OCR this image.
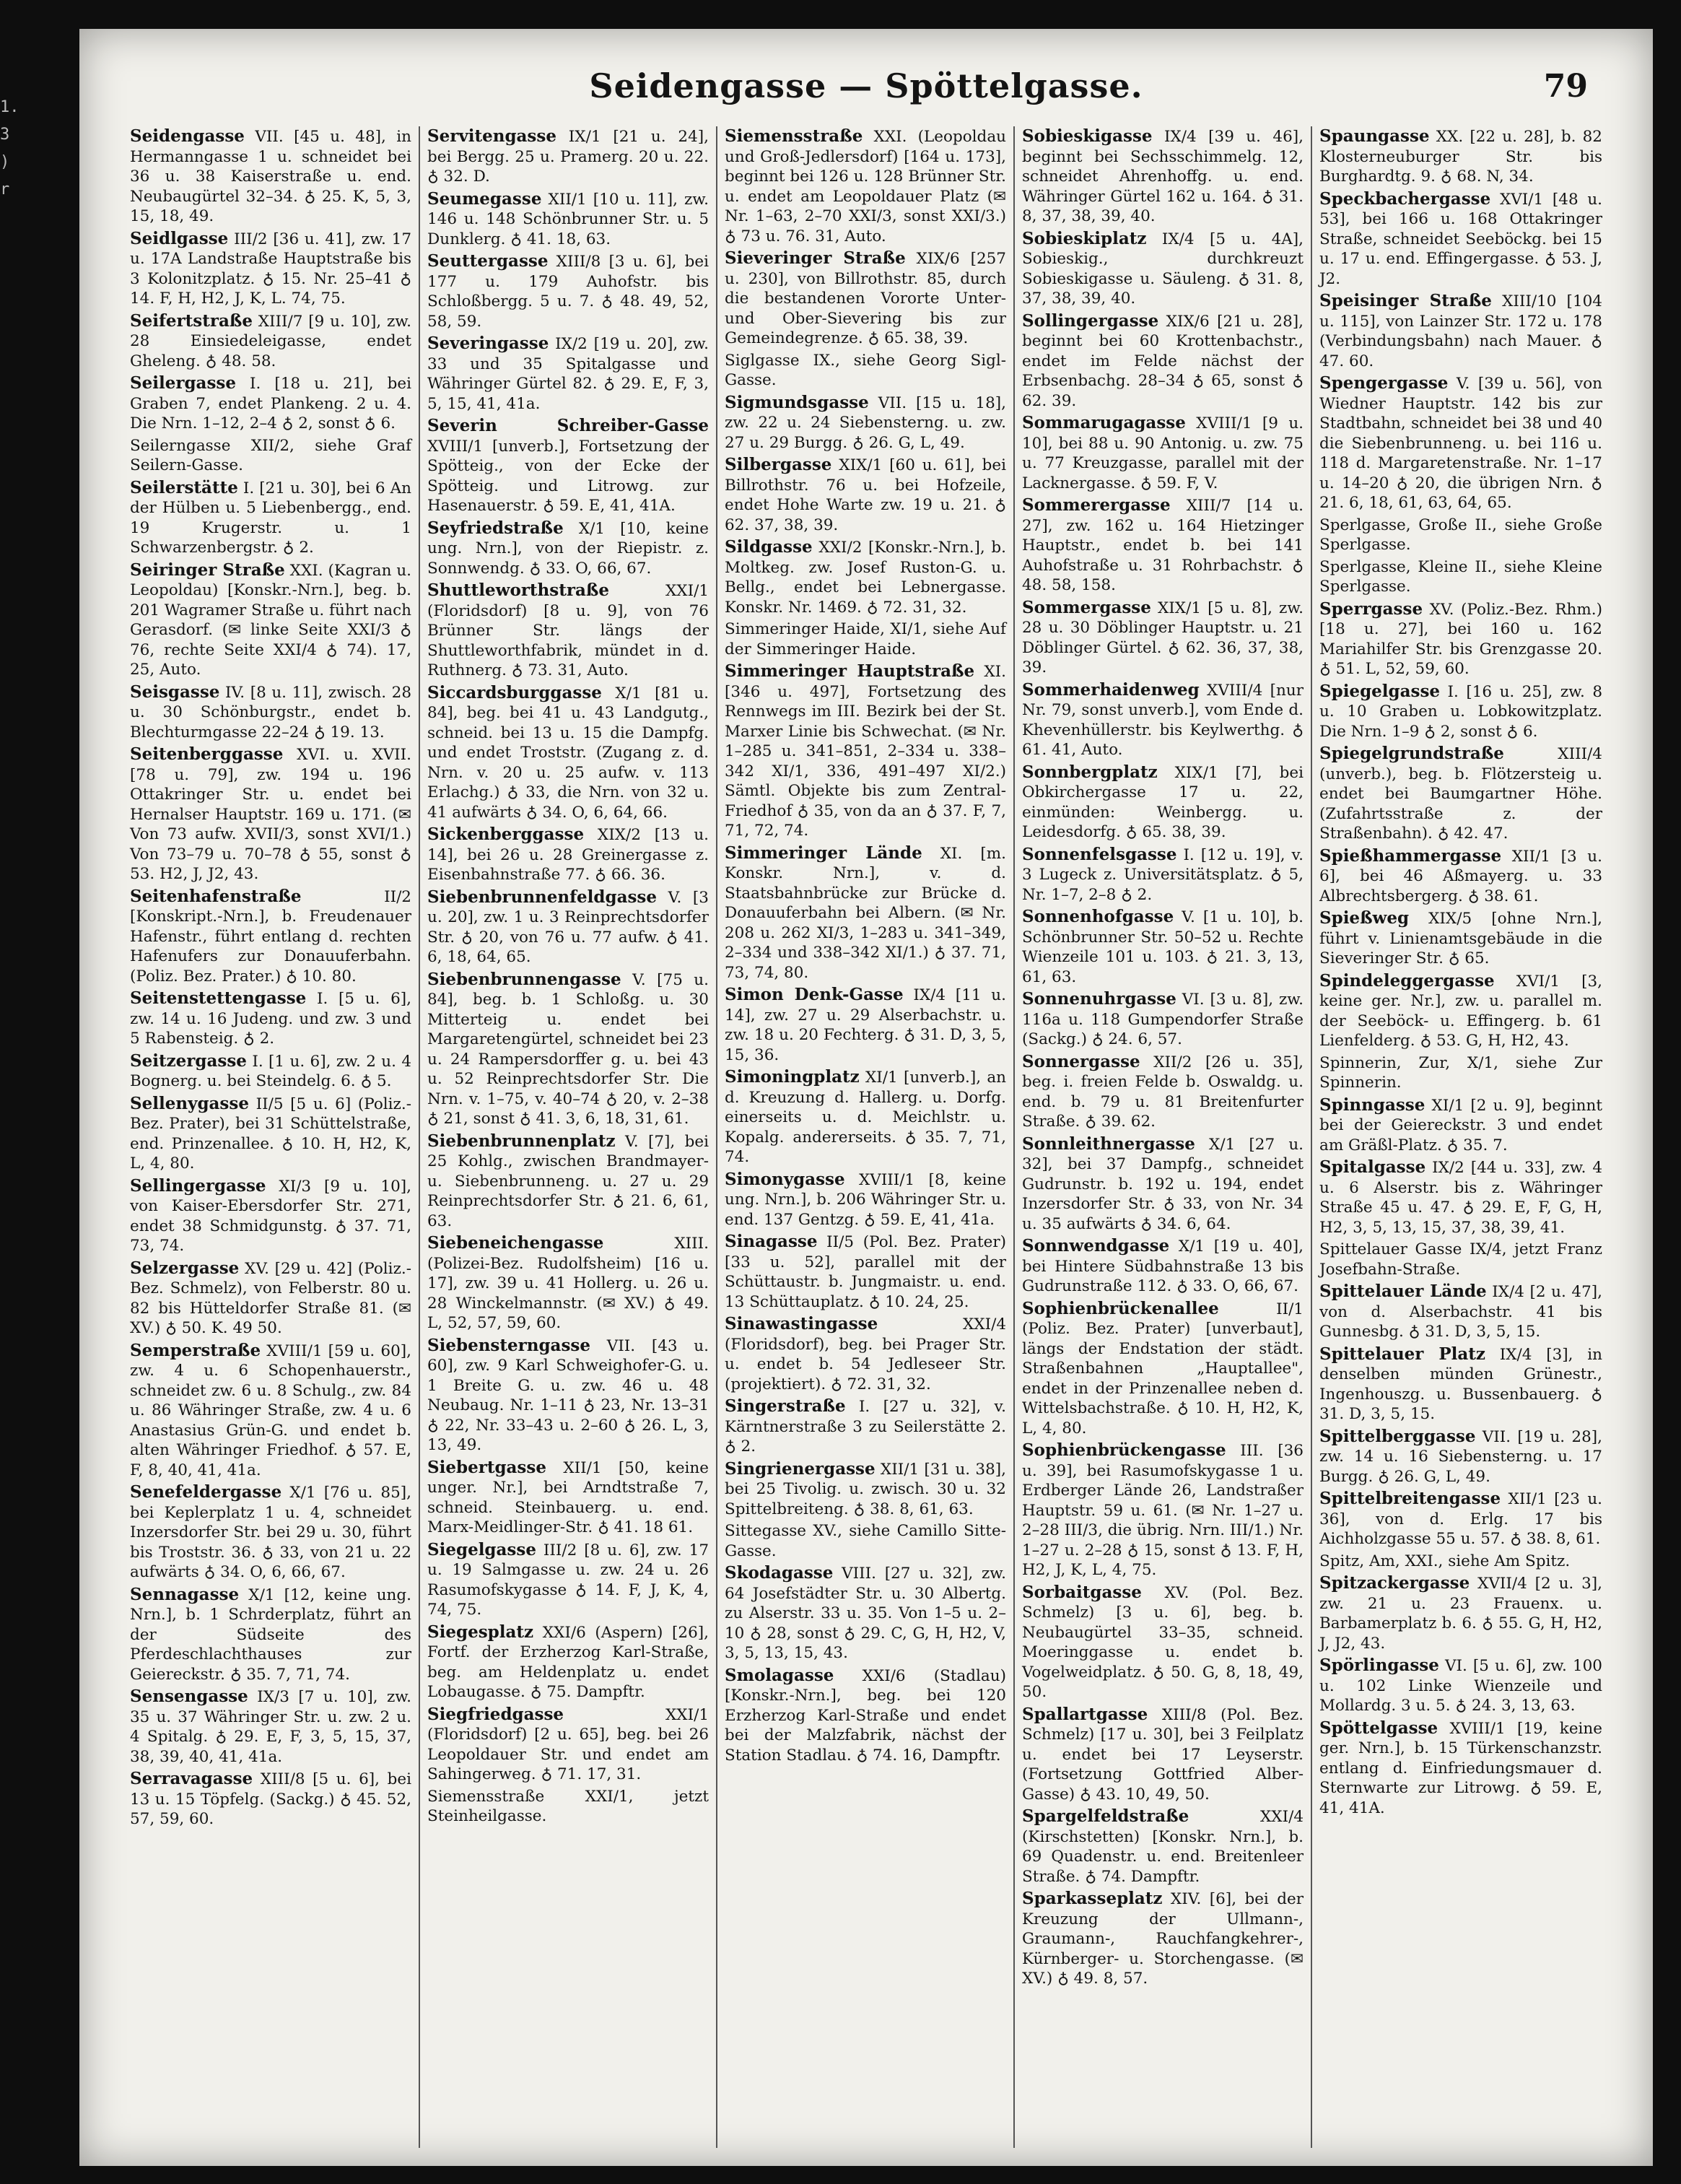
1.
3
)
r
Seidengasse — Spöttelgasse.	79
Seidengasse VII. [45 u. 48], in Hermanngasse 1 u. schneidet bei 36 u. 38 Kaiserstraße u. end. Neubaugürtel 32–34. ♁ 25. K, 5, 3, 15, 18, 49.
Seidlgasse III/2 [36 u. 41], zw. 17 u. 17A Landstraße Hauptstraße bis 3 Kolonitzplatz. ♁ 15. Nr. 25–41 ♁ 14. F, H, H2, J, K, L. 74, 75.
Seifertstraße XIII/7 [9 u. 10], zw. 28 Einsiedeleigasse, endet Gheleng. ♁ 48. 58.
Seilergasse I. [18 u. 21], bei Graben 7, endet Plankeng. 2 u. 4. Die Nrn. 1–12, 2–4 ♁ 2, sonst ♁ 6.
Seilerngasse XII/2, siehe Graf Seilern-Gasse.
Seilerstätte I. [21 u. 30], bei 6 An der Hülben u. 5 Liebenbergg., end. 19 Krugerstr. u. 1 Schwarzenbergstr. ♁ 2.
Seiringer Straße XXI. (Kagran u. Leopoldau) [Konskr.-Nrn.], beg. b. 201 Wagramer Straße u. führt nach Gerasdorf. (✉ linke Seite XXI/3 ♁ 76, rechte Seite XXI/4 ♁ 74). 17, 25, Auto.
Seisgasse IV. [8 u. 11], zwisch. 28 u. 30 Schönburgstr., endet b. Blechturmgasse 22–24 ♁ 19. 13.
Seitenberggasse XVI. u. XVII. [78 u. 79], zw. 194 u. 196 Ottakringer Str. u. endet bei Hernalser Hauptstr. 169 u. 171. (✉ Von 73 aufw. XVII/3, sonst XVI/1.) Von 73–79 u. 70–78 ♁ 55, sonst ♁ 53. H2, J, J2, 43.
Seitenhafenstraße	II/2 [Konskript.-Nrn.], b. Freudenauer Hafenstr., führt entlang d. rechten Hafenufers zur Donauuferbahn. (Poliz. Bez. Prater.) ♁ 10. 80.
Seitenstettengasse I. [5 u. 6], zw. 14 u. 16 Judeng. und zw. 3 und 5 Rabensteig. ♁ 2.
Seitzergasse I. [1 u. 6], zw. 2 u. 4 Bognerg. u. bei Steindelg. 6. ♁ 5.
Sellenygasse II/5 [5 u. 6] (Poliz.-Bez. Prater), bei 31 Schüttelstraße, end. Prinzenallee. ♁ 10. H, H2, K, L, 4, 80.
Sellingergasse XI/3 [9 u. 10], von Kaiser-Ebersdorfer Str. 271, endet 38 Schmidgunstg. ♁ 37. 71, 73, 74.
Selzergasse XV. [29 u. 42] (Poliz.-Bez. Schmelz), von Felberstr. 80 u. 82 bis Hütteldorfer Straße 81. (✉ XV.) ♁ 50. K. 49 50.
Semperstraße XVIII/1 [59 u. 60], zw. 4 u. 6 Schopenhauerstr., schneidet zw. 6 u. 8 Schulg., zw. 84 u. 86 Währinger Straße, zw. 4 u. 6 Anastasius Grün-G. und endet b. alten Währinger Friedhof. ♁ 57. E, F, 8, 40, 41, 41a.
Senefeldergasse X/1 [76 u. 85], bei Keplerplatz 1 u. 4, schneidet Inzersdorfer Str. bei 29 u. 30, führt bis Troststr. 36. ♁ 33, von 21 u. 22 aufwärts ♁ 34. O, 6, 66, 67.
Sennagasse X/1 [12, keine ung. Nrn.], b. 1 Schrderplatz, führt an der Südseite des Pferdeschlachthauses zur Geiereckstr. ♁ 35. 7, 71, 74.
Sensengasse IX/3 [7 u. 10], zw. 35 u. 37 Währinger Str. u. zw. 2 u. 4 Spitalg. ♁ 29. E, F, 3, 5, 15, 37, 38, 39, 40, 41, 41a.
Serravagasse XIII/8 [5 u. 6], bei 13 u. 15 Töpfelg. (Sackg.) ♁ 45. 52, 57, 59, 60.
Servitengasse IX/1 [21 u. 24], bei Bergg. 25 u. Pramerg. 20 u. 22. ♁ 32. D.
Seumegasse XII/1 [10 u. 11], zw. 146 u. 148 Schönbrunner Str. u. 5 Dunklerg. ♁ 41. 18, 63.
Seuttergasse XIII/8 [3 u. 6], bei 177 u. 179 Auhofstr. bis Schloßbergg. 5 u. 7. ♁ 48. 49, 52, 58, 59.
Severingasse IX/2 [19 u. 20], zw. 33 und 35 Spitalgasse und Währinger Gürtel 82. ♁ 29. E, F, 3, 5, 15, 41, 41a.
Severin Schreiber-Gasse XVIII/1 [unverb.], Fortsetzung der Spötteig., von der Ecke der Spötteig. und Litrowg. zur Hasenauerstr. ♁ 59. E, 41, 41A.
Seyfriedstraße X/1 [10, keine ung. Nrn.], von der Riepistr. z. Sonnwendg. ♁ 33. O, 66, 67.
Shuttleworthstraße	XXI/1 (Floridsdorf) [8 u. 9], von 76 Brünner Str. längs der Shuttleworthfabrik, mündet in d. Ruthnerg. ♁ 73. 31, Auto.
Siccardsburggasse X/1 [81 u. 84], beg. bei 41 u. 43 Landgutg., schneid. bei 13 u. 15 die Dampfg. und endet Troststr. (Zugang z. d. Nrn. v. 20 u. 25 aufw. v. 113 Erlachg.) ♁ 33, die Nrn. von 32 u. 41 aufwärts ♁ 34. O, 6, 64, 66.
Sickenberggasse XIX/2 [13 u. 14], bei 26 u. 28 Greinergasse z. Eisenbahnstraße 77. ♁ 66. 36.
Siebenbrunnenfeldgasse V. [3 u. 20], zw. 1 u. 3 Reinprechtsdorfer Str. ♁ 20, von 76 u. 77 aufw. ♁ 41. 6, 18, 64, 65.
Siebenbrunnengasse V. [75 u. 84], beg. b. 1 Schloßg. u. 30 Mitterteig u. endet bei Margaretengürtel, schneidet bei 23 u. 24 Rampersdorffer g. u. bei 43 u. 52 Reinprechtsdorfer Str. Die Nrn. v. 1–75, v. 40–74 ♁ 20, v. 2–38 ♁ 21, sonst ♁ 41. 3, 6, 18, 31, 61.
Siebenbrunnenplatz V. [7], bei 25 Kohlg., zwischen Brandmayer- u. Siebenbrunneng. u. 27 u. 29 Reinprechtsdorfer Str. ♁ 21. 6, 61, 63.
Siebeneichengasse	XIII. (Polizei-Bez. Rudolfsheim) [16 u. 17], zw. 39 u. 41 Hollerg. u. 26 u. 28 Winckelmannstr. (✉ XV.) ♁ 49. L, 52, 57, 59, 60.
Siebensterngasse VII. [43 u. 60], zw. 9 Karl Schweighofer-G. u. 1 Breite G. u. zw. 46 u. 48 Neubaug. Nr. 1–11 ♁ 23, Nr. 13–31 ♁ 22, Nr. 33–43 u. 2–60 ♁ 26. L, 3, 13, 49.
Siebertgasse XII/1 [50, keine unger. Nr.], bei Arndtstraße 7, schneid. Steinbauerg. u. end. Marx-Meidlinger-Str. ♁ 41. 18 61.
Siegelgasse III/2 [8 u. 6], zw. 17 u. 19 Salmgasse u. zw. 24 u. 26 Rasumofskygasse ♁ 14. F, J, K, 4, 74, 75.
Siegesplatz XXI/6 (Aspern) [26], Fortf. der Erzherzog Karl-Straße, beg. am Heldenplatz u. endet Lobaugasse. ♁ 75. Dampftr.
Siegfriedgasse	XXI/1 (Floridsdorf) [2 u. 65], beg. bei 26 Leopoldauer Str. und endet am Sahingerweg. ♁ 71. 17, 31.
Siemensstraße XXI/1, jetzt Steinheilgasse.
Siemensstraße XXI. (Leopoldau und Groß-Jedlersdorf) [164 u. 173], beginnt bei 126 u. 128 Brünner Str. u. endet am Leopoldauer Platz (✉ Nr. 1–63, 2–70 XXI/3, sonst XXI/3.) ♁ 73 u. 76. 31, Auto.
Sieveringer Straße XIX/6 [257 u. 230], von Billrothstr. 85, durch die bestandenen Vororte Unter- und Ober-Sievering bis zur Gemeindegrenze. ♁ 65. 38, 39.
Siglgasse IX., siehe Georg Sigl-Gasse.
Sigmundsgasse VII. [15 u. 18], zw. 22 u. 24 Siebensterng. u. zw. 27 u. 29 Burgg. ♁ 26. G, L, 49.
Silbergasse XIX/1 [60 u. 61], bei Billrothstr. 76 u. bei Hofzeile, endet Hohe Warte zw. 19 u. 21. ♁ 62. 37, 38, 39.
Sildgasse XXI/2 [Konskr.-Nrn.], b. Moltkeg. zw. Josef Ruston-G. u. Bellg., endet bei Lebnergasse. Konskr. Nr. 1469. ♁ 72. 31, 32.
Simmeringer Haide, XI/1, siehe Auf der Simmeringer Haide.
Simmeringer Hauptstraße XI. [346 u. 497], Fortsetzung des Rennwegs im III. Bezirk bei der St. Marxer Linie bis Schwechat. (✉ Nr. 1–285 u. 341–851, 2–334 u. 338–342 XI/1, 336, 491–497 XI/2.) Sämtl. Objekte bis zum Zentral-Friedhof ♁ 35, von da an ♁ 37. F, 7, 71, 72, 74.
Simmeringer Lände XI. [m. Konskr. Nrn.], v. d. Staatsbahnbrücke zur Brücke d. Donauuferbahn bei Albern. (✉ Nr. 208 u. 262 XI/3, 1–283 u. 341–349, 2–334 und 338–342 XI/1.) ♁ 37. 71, 73, 74, 80.
Simon Denk-Gasse IX/4 [11 u. 14], zw. 27 u. 29 Alserbachstr. u. zw. 18 u. 20 Fechterg. ♁ 31. D, 3, 5, 15, 36.
Simoningplatz XI/1 [unverb.], an d. Kreuzung d. Hallerg. u. Dorfg. einerseits u. d. Meichlstr. u. Kopalg. andererseits. ♁ 35. 7, 71, 74.
Simonygasse XVIII/1 [8, keine ung. Nrn.], b. 206 Währinger Str. u. end. 137 Gentzg. ♁ 59. E, 41, 41a.
Sinagasse II/5 (Pol. Bez. Prater) [33 u. 52], parallel mit der Schüttaustr. b. Jungmaistr. u. end. 13 Schüttauplatz. ♁ 10. 24, 25.
Sinawastingasse	XXI/4 (Floridsdorf), beg. bei Prager Str. u. endet b. 54 Jedleseer Str. (projektiert). ♁ 72. 31, 32.
Singerstraße I. [27 u. 32], v. Kärntnerstraße 3 zu Seilerstätte 2. ♁ 2.
Singrienergasse XII/1 [31 u. 38], bei 25 Tivolig. u. zwisch. 30 u. 32 Spittelbreiteng. ♁ 38. 8, 61, 63.
Sittegasse XV., siehe Camillo Sitte-Gasse.
Skodagasse VIII. [27 u. 32], zw. 64 Josefstädter Str. u. 30 Albertg. zu Alserstr. 33 u. 35. Von 1–5 u. 2–10 ♁ 28, sonst ♁ 29. C, G, H, H2, V, 3, 5, 13, 15, 43.
Smolagasse XXI/6 (Stadlau) [Konskr.-Nrn.], beg. bei 120 Erzherzog Karl-Straße und endet bei der Malzfabrik, nächst der Station Stadlau. ♁ 74. 16, Dampftr.
Sobieskigasse IX/4 [39 u. 46], beginnt bei Sechsschimmelg. 12, schneidet Ahrenhoffg. u. end. Währinger Gürtel 162 u. 164. ♁ 31. 8, 37, 38, 39, 40.
Sobieskiplatz IX/4 [5 u. 4A], Sobieskig., durchkreuzt Sobieskigasse u. Säuleng. ♁ 31. 8, 37, 38, 39, 40.
Sollingergasse XIX/6 [21 u. 28], beginnt bei 60 Krottenbachstr., endet im Felde nächst der Erbsenbachg. 28–34 ♁ 65, sonst ♁ 62. 39.
Sommarugagasse XVIII/1 [9 u. 10], bei 88 u. 90 Antonig. u. zw. 75 u. 77 Kreuzgasse, parallel mit der Lacknergasse. ♁ 59. F, V.
Sommerergasse XIII/7 [14 u. 27], zw. 162 u. 164 Hietzinger Hauptstr., endet b. bei 141 Auhofstraße u. 31 Rohrbachstr. ♁ 48. 58, 158.
Sommergasse XIX/1 [5 u. 8], zw. 28 u. 30 Döblinger Hauptstr. u. 21 Döblinger Gürtel. ♁ 62. 36, 37, 38, 39.
Sommerhaidenweg XVIII/4 [nur Nr. 79, sonst unverb.], vom Ende d. Khevenhüllerstr. bis Keylwerthg. ♁ 61. 41, Auto.
Sonnbergplatz XIX/1 [7], bei Obkirchergasse 17 u. 22, einmünden: Weinbergg. u. Leidesdorfg. ♁ 65. 38, 39.
Sonnenfelsgasse I. [12 u. 19], v. 3 Lugeck z. Universitätsplatz. ♁ 5, Nr. 1–7, 2–8 ♁ 2.
Sonnenhofgasse V. [1 u. 10], b. Schönbrunner Str. 50–52 u. Rechte Wienzeile 101 u. 103. ♁ 21. 3, 13, 61, 63.
Sonnenuhrgasse VI. [3 u. 8], zw. 116a u. 118 Gumpendorfer Straße (Sackg.) ♁ 24. 6, 57.
Sonnergasse XII/2 [26 u. 35], beg. i. freien Felde b. Oswaldg. u. end. b. 79 u. 81 Breitenfurter Straße. ♁ 39. 62.
Sonnleithnergasse X/1 [27 u. 32], bei 37 Dampfg., schneidet Gudrunstr. b. 192 u. 194, endet Inzersdorfer Str. ♁ 33, von Nr. 34 u. 35 aufwärts ♁ 34. 6, 64.
Sonnwendgasse X/1 [19 u. 40], bei Hintere Südbahnstraße 13 bis Gudrunstraße 112. ♁ 33. O, 66, 67.
Sophienbrückenallee	II/1 (Poliz. Bez. Prater) [unverbaut], längs der Endstation der städt. Straßenbahnen „Hauptallee", endet in der Prinzenallee neben d. Wittelsbachstraße. ♁ 10. H, H2, K, L, 4, 80.
Sophienbrückengasse III. [36 u. 39], bei Rasumofskygasse 1 u. Erdberger Lände 26, Landstraßer Hauptstr. 59 u. 61. (✉ Nr. 1–27 u. 2–28 III/3, die übrig. Nrn. III/1.) Nr. 1–27 u. 2–28 ♁ 15, sonst ♁ 13. F, H, H2, J, K, L, 4, 75.
Sorbaitgasse XV. (Pol. Bez. Schmelz) [3 u. 6], beg. b. Neubaugürtel 33–35, schneid. Moeringgasse u. endet b. Vogelweidplatz. ♁ 50. G, 8, 18, 49, 50.
Spallartgasse XIII/8 (Pol. Bez. Schmelz) [17 u. 30], bei 3 Feilplatz u. endet bei 17 Leyserstr. (Fortsetzung Gottfried Alber-Gasse) ♁ 43. 10, 49, 50.
Spargelfeldstraße	XXI/4 (Kirschstetten) [Konskr. Nrn.], b. 69 Quadenstr. u. end. Breitenleer Straße. ♁ 74. Dampftr.
Sparkasseplatz XIV. [6], bei der Kreuzung der Ullmann-, Graumann-, Rauchfangkehrer-, Kürnberger- u. Storchengasse. (✉ XV.) ♁ 49. 8, 57.
Spaungasse XX. [22 u. 28], b. 82 Klosterneuburger Str. bis Burghardtg. 9. ♁ 68. N, 34.
Speckbachergasse XVI/1 [48 u. 53], bei 166 u. 168 Ottakringer Straße, schneidet Seeböckg. bei 15 u. 17 u. end. Effingergasse. ♁ 53. J, J2.
Speisinger Straße XIII/10 [104 u. 115], von Lainzer Str. 172 u. 178 (Verbindungsbahn) nach Mauer. ♁ 47. 60.
Spengergasse V. [39 u. 56], von Wiedner Hauptstr. 142 bis zur Stadtbahn, schneidet bei 38 und 40 die Siebenbrunneng. u. bei 116 u. 118 d. Margaretenstraße. Nr. 1–17 u. 14–20 ♁ 20, die übrigen Nrn. ♁ 21. 6, 18, 61, 63, 64, 65.
Sperlgasse, Große II., siehe Große Sperlgasse.
Sperlgasse, Kleine II., siehe Kleine Sperlgasse.
Sperrgasse XV. (Poliz.-Bez. Rhm.) [18 u. 27], bei 160 u. 162 Mariahilfer Str. bis Grenzgasse 20. ♁ 51. L, 52, 59, 60.
Spiegelgasse I. [16 u. 25], zw. 8 u. 10 Graben u. Lobkowitzplatz. Die Nrn. 1–9 ♁ 2, sonst ♁ 6.
Spiegelgrundstraße	XIII/4 (unverb.), beg. b. Flötzersteig u. endet bei Baumgartner Höhe. (Zufahrtsstraße z. der Straßenbahn). ♁ 42. 47.
Spießhammergasse XII/1 [3 u. 6], bei 46 Aßmayerg. u. 33 Albrechtsbergerg. ♁ 38. 61.
Spießweg XIX/5 [ohne Nrn.], führt v. Linienamtsgebäude in die Sieveringer Str. ♁ 65.
Spindeleggergasse XVI/1 [3, keine ger. Nr.], zw. u. parallel m. der Seeböck- u. Effingerg. b. 61 Lienfelderg. ♁ 53. G, H, H2, 43.
Spinnerin, Zur, X/1, siehe Zur Spinnerin.
Spinngasse XI/1 [2 u. 9], beginnt bei der Geiereckstr. 3 und endet am Gräßl-Platz. ♁ 35. 7.
Spitalgasse IX/2 [44 u. 33], zw. 4 u. 6 Alserstr. bis z. Währinger Straße 45 u. 47. ♁ 29. E, F, G, H, H2, 3, 5, 13, 15, 37, 38, 39, 41.
Spittelauer Gasse IX/4, jetzt Franz Josefbahn-Straße.
Spittelauer Lände IX/4 [2 u. 47], von d. Alserbachstr. 41 bis Gunnesbg. ♁ 31. D, 3, 5, 15.
Spittelauer Platz IX/4 [3], in denselben münden Grünestr., Ingenhouszg. u. Bussenbauerg. ♁ 31. D, 3, 5, 15.
Spittelberggasse VII. [19 u. 28], zw. 14 u. 16 Siebensterng. u. 17 Burgg. ♁ 26. G, L, 49.
Spittelbreitengasse XII/1 [23 u. 36], von d. Erlg. 17 bis Aichholzgasse 55 u. 57. ♁ 38. 8, 61.
Spitz, Am, XXI., siehe Am Spitz.
Spitzackergasse XVII/4 [2 u. 3], zw. 21 u. 23 Frauenx. u. Barbamerplatz b. 6. ♁ 55. G, H, H2, J, J2, 43.
Spörlingasse VI. [5 u. 6], zw. 100 u. 102 Linke Wienzeile und Mollardg. 3 u. 5. ♁ 24. 3, 13, 63.
Spöttelgasse XVIII/1 [19, keine ger. Nrn.], b. 15 Türkenschanzstr. entlang d. Einfriedungsmauer d. Sternwarte zur Litrowg. ♁ 59. E, 41, 41A.
